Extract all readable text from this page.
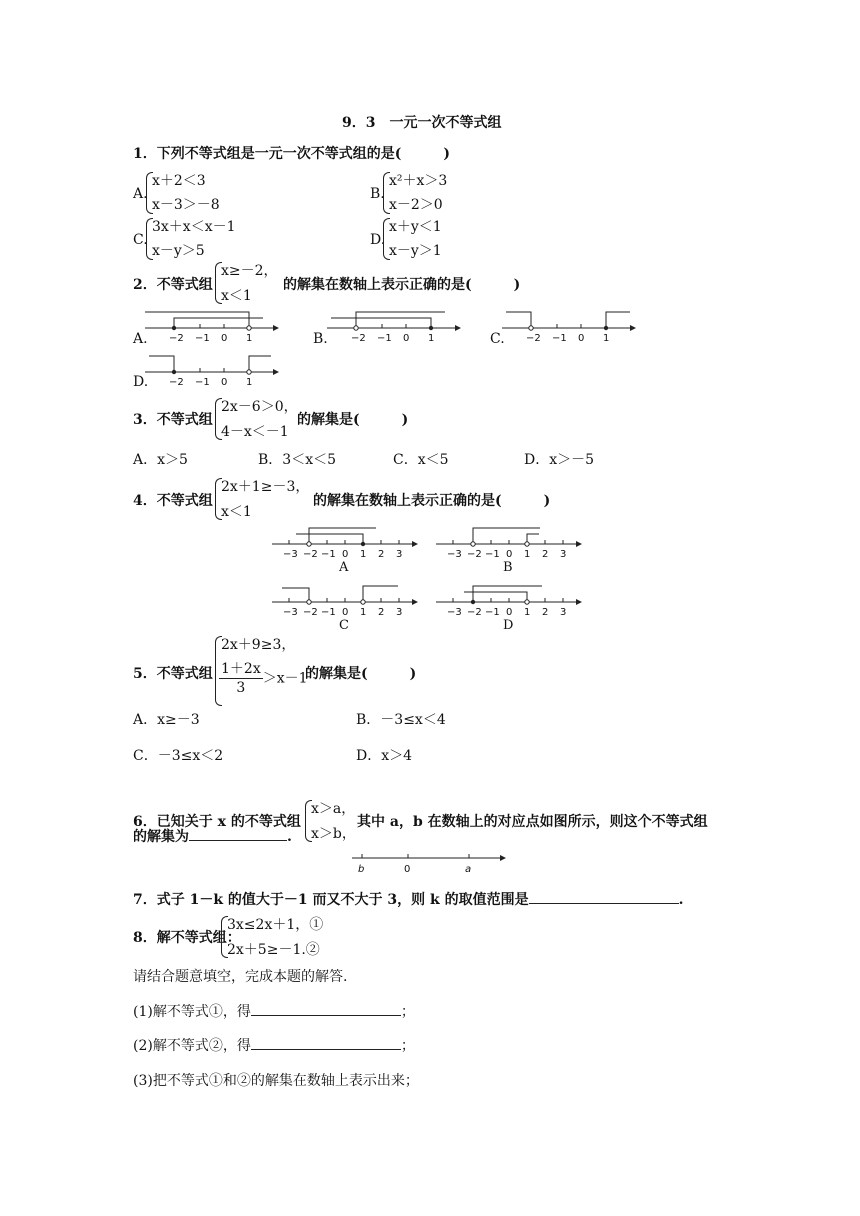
9．3　一元一次不等式组
1．下列不等式组是一元一次不等式组的是(　　　)
A.
x＋2＜3
x－3＞－8
B.
x²＋x＞3
x－2＞0
C.
3x＋x＜x－1
x－y＞5
D.
x＋y＜1
x－y＞1
2．不等式组
x≥－2，
x＜1
的解集在数轴上表示正确的是(　　　)
A. −2 −1 0 1	B. −2 −1 0 1	C. −2 −1 0 1
D. −2 −1 0 1
3．不等式组
2x－6＞0，
4－x＜－1
的解集是(　　　)
A．x＞5	B．3＜x＜5	C．x＜5	D．x＞－5
4．不等式组
2x＋1≥－3，
x＜1
的解集在数轴上表示正确的是(　　　)
−3 −2 −1 0 1 2 3
A
−3 −2 −1 0 1 2 3
B
−3 −2 −1 0 1 2 3
C
−3 −2 −1 0 1 2 3
D
5．不等式组
2x＋9≥3，
$\frac{1+2x}{3} >x-1$
的解集是(　　　)
A．x≥－3	B．－3≤x＜4
C．－3≤x＜2	D．x＞4
6．已知关于 x 的不等式组
x＞a，
x＞b，
其中 a，b 在数轴上的对应点如图所示，则这个不等式组
的解集为	.
b	0	a
7．式子 1－k 的值大于－1 而又不大于 3，则 k 的取值范围是	.
8．解不等式组：
3x≤2x＋1，①
2x＋5≥－1.②
请结合题意填空，完成本题的解答.
(1)解不等式①，得	；
(2)解不等式②，得	；
(3)把不等式①和②的解集在数轴上表示出来；
